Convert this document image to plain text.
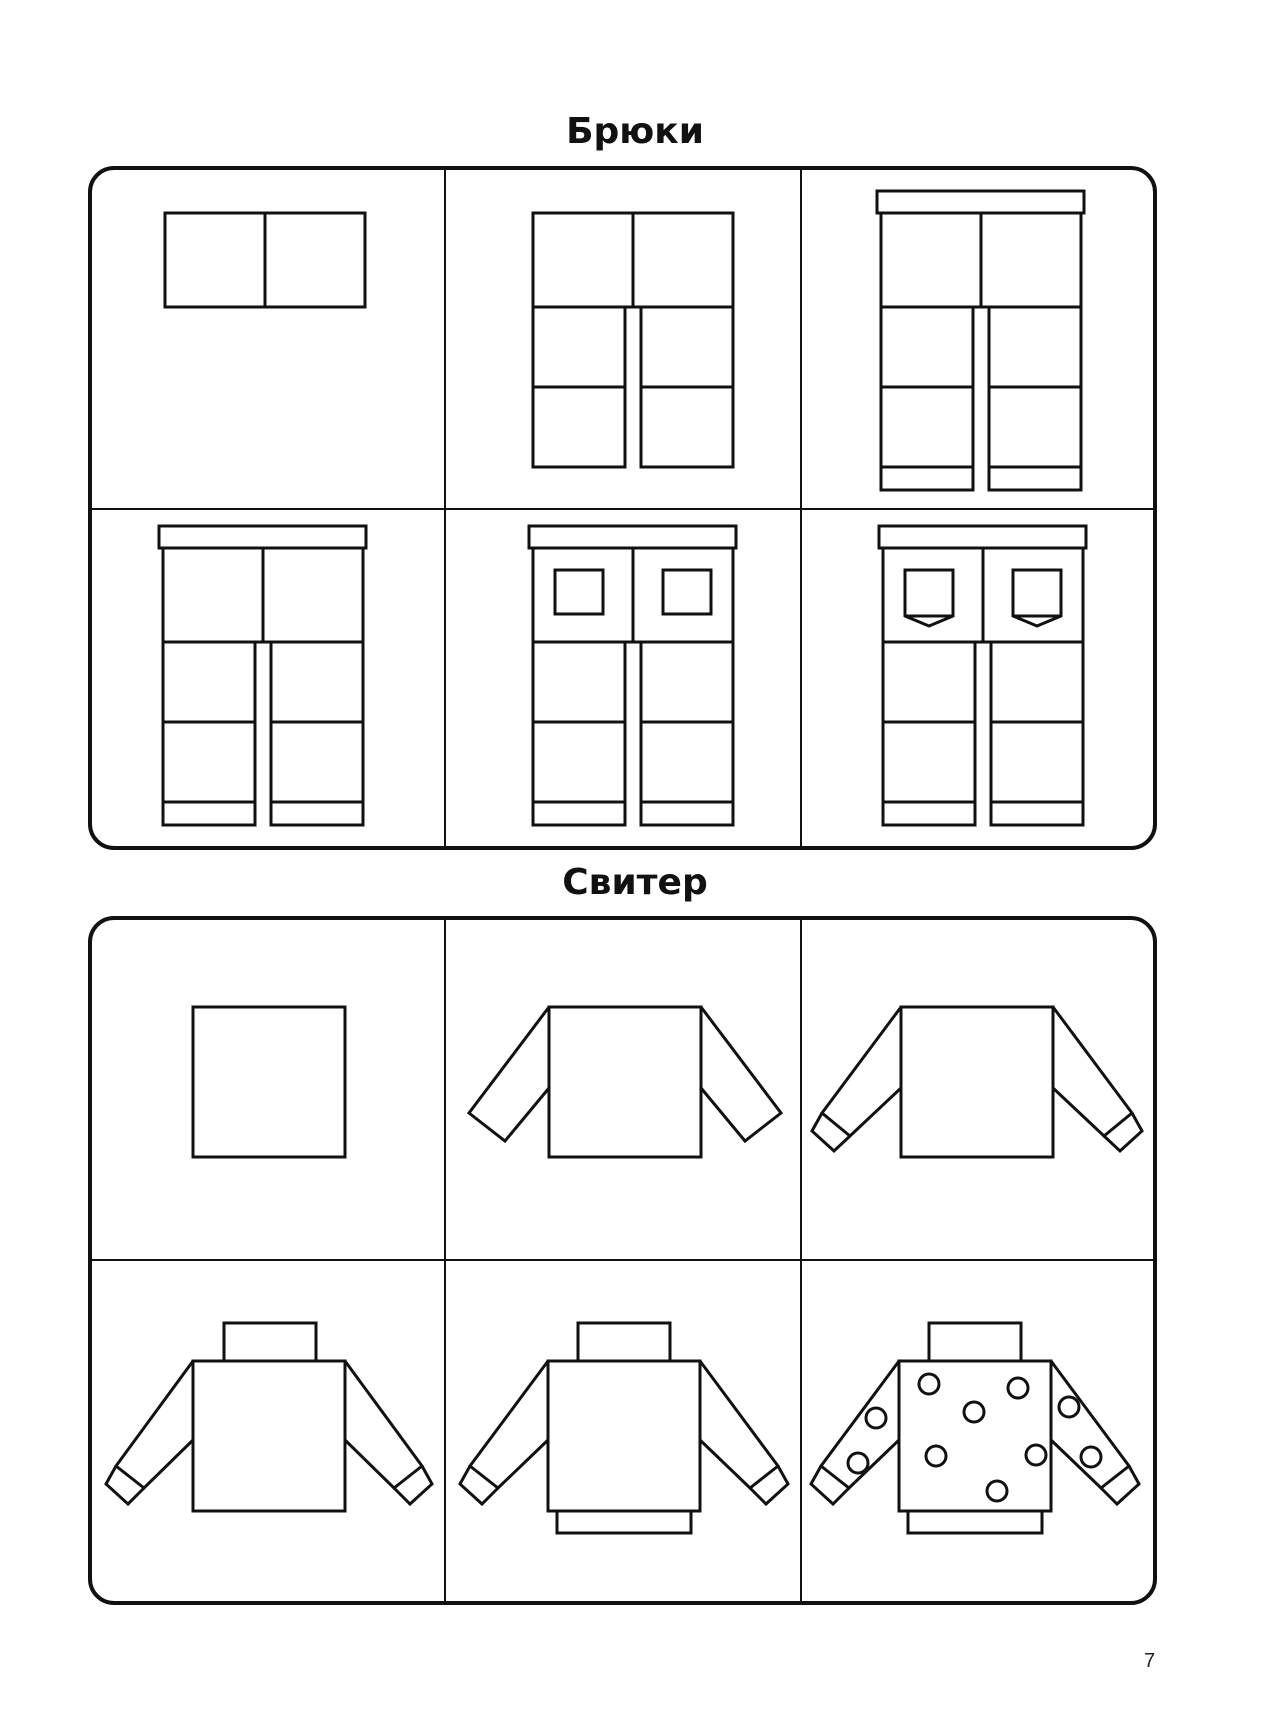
Брюки
Свитер
7
